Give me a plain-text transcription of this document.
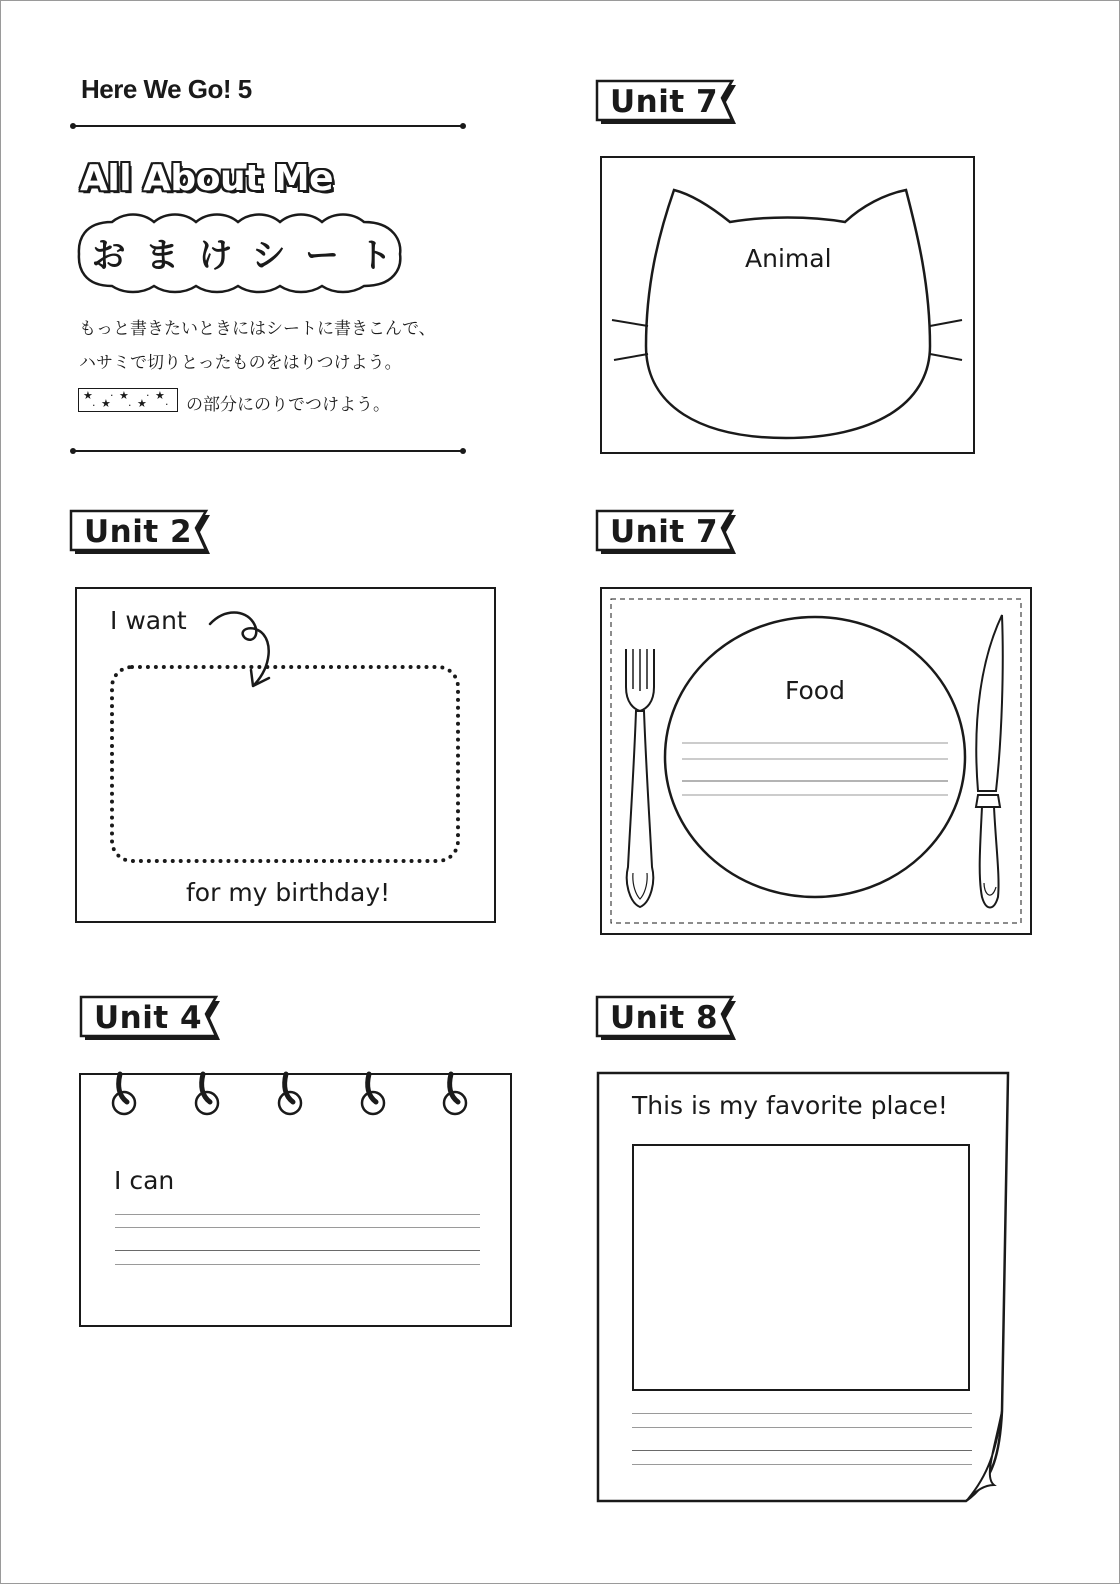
Here We Go! 5
All About Me
お ま け シ ー ト
もっと書きたいときにはシートに書きこんで、
ハサミで切りとったものをはりつけよう。
★
★
★
★
★
·
·
·
·
· の部分にのりでつけよう。
Unit 7
Animal
Unit 2
I want
for my birthday!
Unit 7
Food
Unit 4
I can
Unit 8
This is my favorite place!
